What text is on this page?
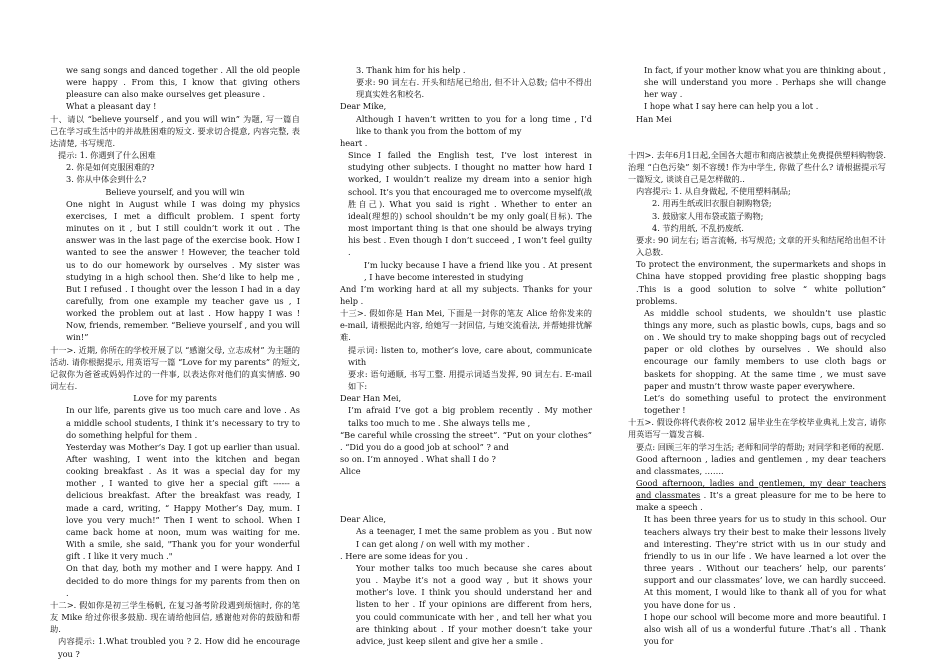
we sang songs and danced together . All the old people were happy . From this, I know that giving others pleasure can also make ourselves get pleasure .

What a pleasant day !

十、请以 “believe yourself , and you will win” 为题, 写一篇自己在学习或生活中的并战胜困难的短文. 要求切合提意, 内容完整, 表达清楚, 书写规范.

提示: 1. 你遇到了什么困难

2. 你是如何克服困难的?

3. 你从中体会到什么?

Believe yourself, and you will win

One night in August while I was doing my physics exercises, I met a difficult problem. I spent forty minutes on it , but I still couldn’t work it out . The answer was in the last page of the exercise book. How I wanted to see the answer ! However, the teacher told us to do our homework by ourselves . My sister was studying in a high school then. She’d like to help me , But I refused . I thought over the lesson I had in a day carefully, from one example my teacher gave us , I worked the problem out at last . How happy I was ! Now, friends, remember. “Believe yourself , and you will win!”

十一>. 近期, 你所在的学校开展了以 “感谢父母, 立志成材” 为主题的活动. 请你根据提示, 用英语写一篇 “Love for my parents” 的短文, 记叙你为爸爸或妈妈作过的一件事, 以表达你对他们的真实情感. 90 词左右.

Love for my parents

In our life, parents give us too much care and love . As a middle school students, I think it’s necessary to try to do something helpful for them .

Yesterday was Mother’s Day. I got up earlier than usual. After washing, I went into the kitchen and began cooking breakfast . As it was a special day for my mother , I wanted to give her a special gift ------ a delicious breakfast. After the breakfast was ready, I made a card, writing, “ Happy Mother’s Day, mum. I love you very much!” Then I went to school. When I came back home at noon, mum was waiting for me. With a smile, she said, "Thank you for your wonderful gift . I like it very much ."

On that day, both my mother and I were happy. And I decided to do more things for my parents from then on .

十二>. 假如你是初三学生杨帆, 在复习备考阶段遇到烦恼时, 你的笔友 Mike 给过你很多鼓励. 现在请给他回信, 感谢他对你的鼓励和帮助.

内容提示: 1.What troubled you ? 2. How did he encourage you ?

3. Thank him for his help .

要求: 90 词左右. 开头和结尾已给出, 但不计入总数; 信中不得出现真实姓名和校名.

Dear Mike,

Although I haven’t written to you for a long time , I’d like to thank you from the bottom of my

heart .

Since I failed the English test, I’ve lost interest in studying other subjects. I thought no matter how hard I worked, I wouldn’t realize my dream into a senior high school. It’s you that encouraged me to overcome myself(战胜自己). What you said is right . Whether to enter an ideal(理想的) school shouldn’t be my only goal(目标). The most important thing is that one should be always trying his best . Even though I don’t succeed , I won’t feel guilty .

I’m lucky because I have a friend like you . At present , I have become interested in studying

And I’m working hard at all my subjects. Thanks for your help .

十三>. 假如你是 Han Mei, 下面是一封你的笔友 Alice 给你发来的 e-mail, 请根据此内容, 给她写一封回信, 与她交流看法, 并帮她排忧解难.

提示词: listen to, mother’s love, care about, communicate with

要求: 语句通顺, 书写工整. 用提示词适当发挥, 90 词左右. E-mail 如下:

Dear Han Mei,

I’m afraid I’ve got a big problem recently . My mother talks too much to me . She always tells me ,

“Be careful while crossing the street”. “Put on your clothes” . “Did you do a good job at school” ? and

so on. I’m annoyed . What shall I do ?

Alice

Dear Alice,

As a teenager, I met the same problem as you . But now I can get along / on well with my mother .

. Here are some ideas for you .

Your mother talks too much because she cares about you . Maybe it’s not a good way , but it shows your mother’s love. I think you should understand her and listen to her . If your opinions are different from hers, you could communicate with her , and tell her what you are thinking about . If your mother doesn’t take your advice, just keep silent and give her a smile .

In fact, if your mother know what you are thinking about , she will understand you more . Perhaps she will change her way .

I hope what I say here can help you a lot .

Han Mei

十四>. 去年6月1日起,全国各大超市和商店被禁止免费提供塑料购物袋. 治理 “白色污染” 刻不容缓! 作为中学生, 你做了些什么? 请根据提示写一篇短文, 谈谈自己是怎样做的..

内容提示: 1. 从自身做起, 不使用塑料制品;

2. 用再生纸或旧衣服自制购物袋;

3. 鼓励家人用布袋或篮子购物;

4. 节约用纸, 不乱扔废纸.

要求: 90 词左右; 语言流畅, 书写规范; 文章的开头和结尾给出但不计入总数.

To protect the environment, the supermarkets and shops in China have stopped providing free plastic shopping bags .This is a good solution to solve “ white pollution” problems.

As middle school students, we shouldn’t use plastic things any more, such as plastic bowls, cups, bags and so on . We should try to make shopping bags out of recycled paper or old clothes by ourselves . We should also encourage our family members to use cloth bags or baskets for shopping. At the same time , we must save paper and mustn’t throw waste paper everywhere.

Let’s do something useful to protect the environment together !

十五>. 假设你将代表你校 2012 届毕业生在学校毕业典礼上发言, 请你用英语写一篇发言稿.

要点: 回顾三年的学习生活; 老师和同学的帮助; 对同学和老师的祝愿.

Good afternoon , ladies and gentlemen , my dear teachers and classmates, …….

Good afternoon, ladies and gentlemen, my dear teachers and classmates . It’s a great pleasure for me to be here to make a speech .

It has been three years for us to study in this school. Our teachers always try their best to make their lessons lively and interesting. They’re strict with us in our study and friendly to us in our life . We have learned a lot over the three years . Without our teachers’ help, our parents’ support and our classmates’ love, we can hardly succeed. At this moment, I would like to thank all of you for what you have done for us .

I hope our school will become more and more beautiful. I also wish all of us a wonderful future .That’s all . Thank you for
